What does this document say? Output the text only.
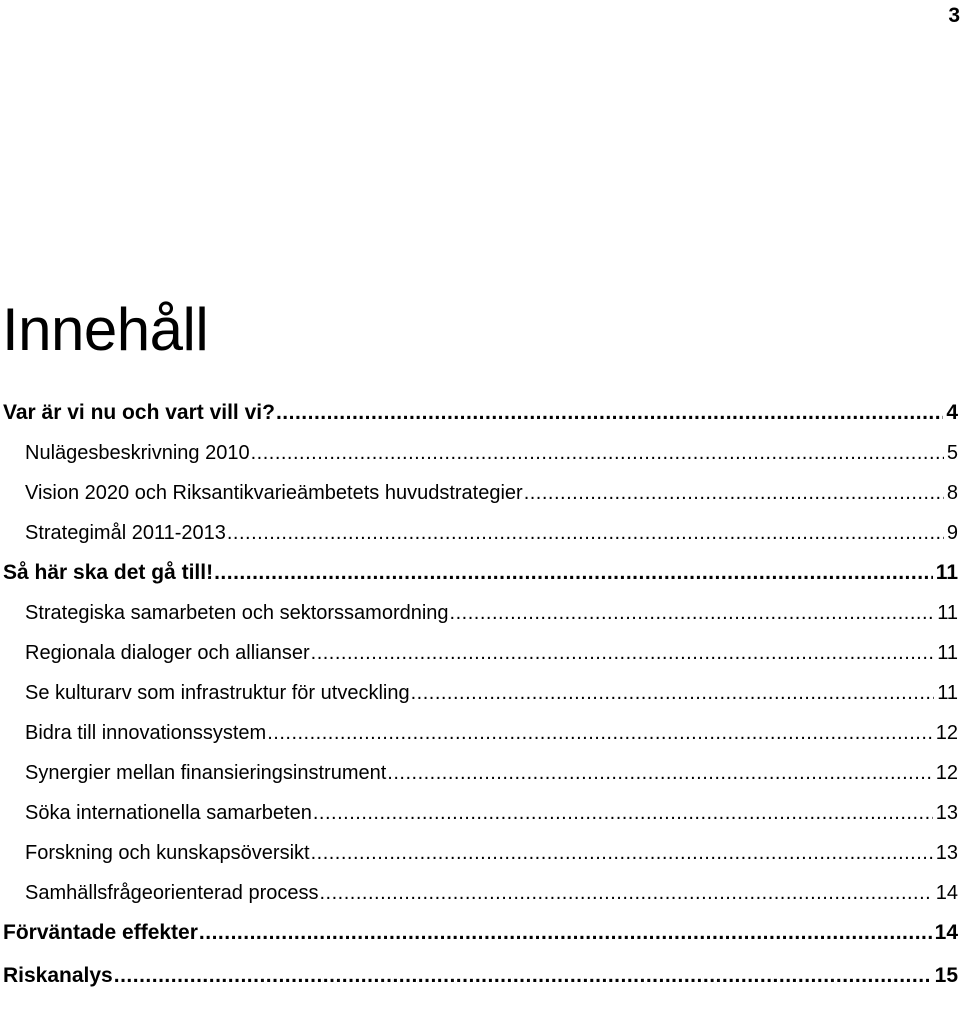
3
Innehåll
Var är vi nu och vart vill vi? .....	4
Nulägesbeskrivning 2010 .....	5
Vision 2020 och Riksantikvarieämbetets huvudstrategier .....	8
Strategimål 2011-2013 .....	9
Så här ska det gå till! .....	11
Strategiska samarbeten och sektorssamordning .....	11
Regionala dialoger och allianser .....	11
Se kulturarv som infrastruktur för utveckling .....	11
Bidra till innovationssystem .....	12
Synergier mellan finansieringsinstrument .....	12
Söka internationella samarbeten .....	13
Forskning och kunskapsöversikt .....	13
Samhällsfrågeorienterad process .....	14
Förväntade effekter .....	14
Riskanalys .....	15
